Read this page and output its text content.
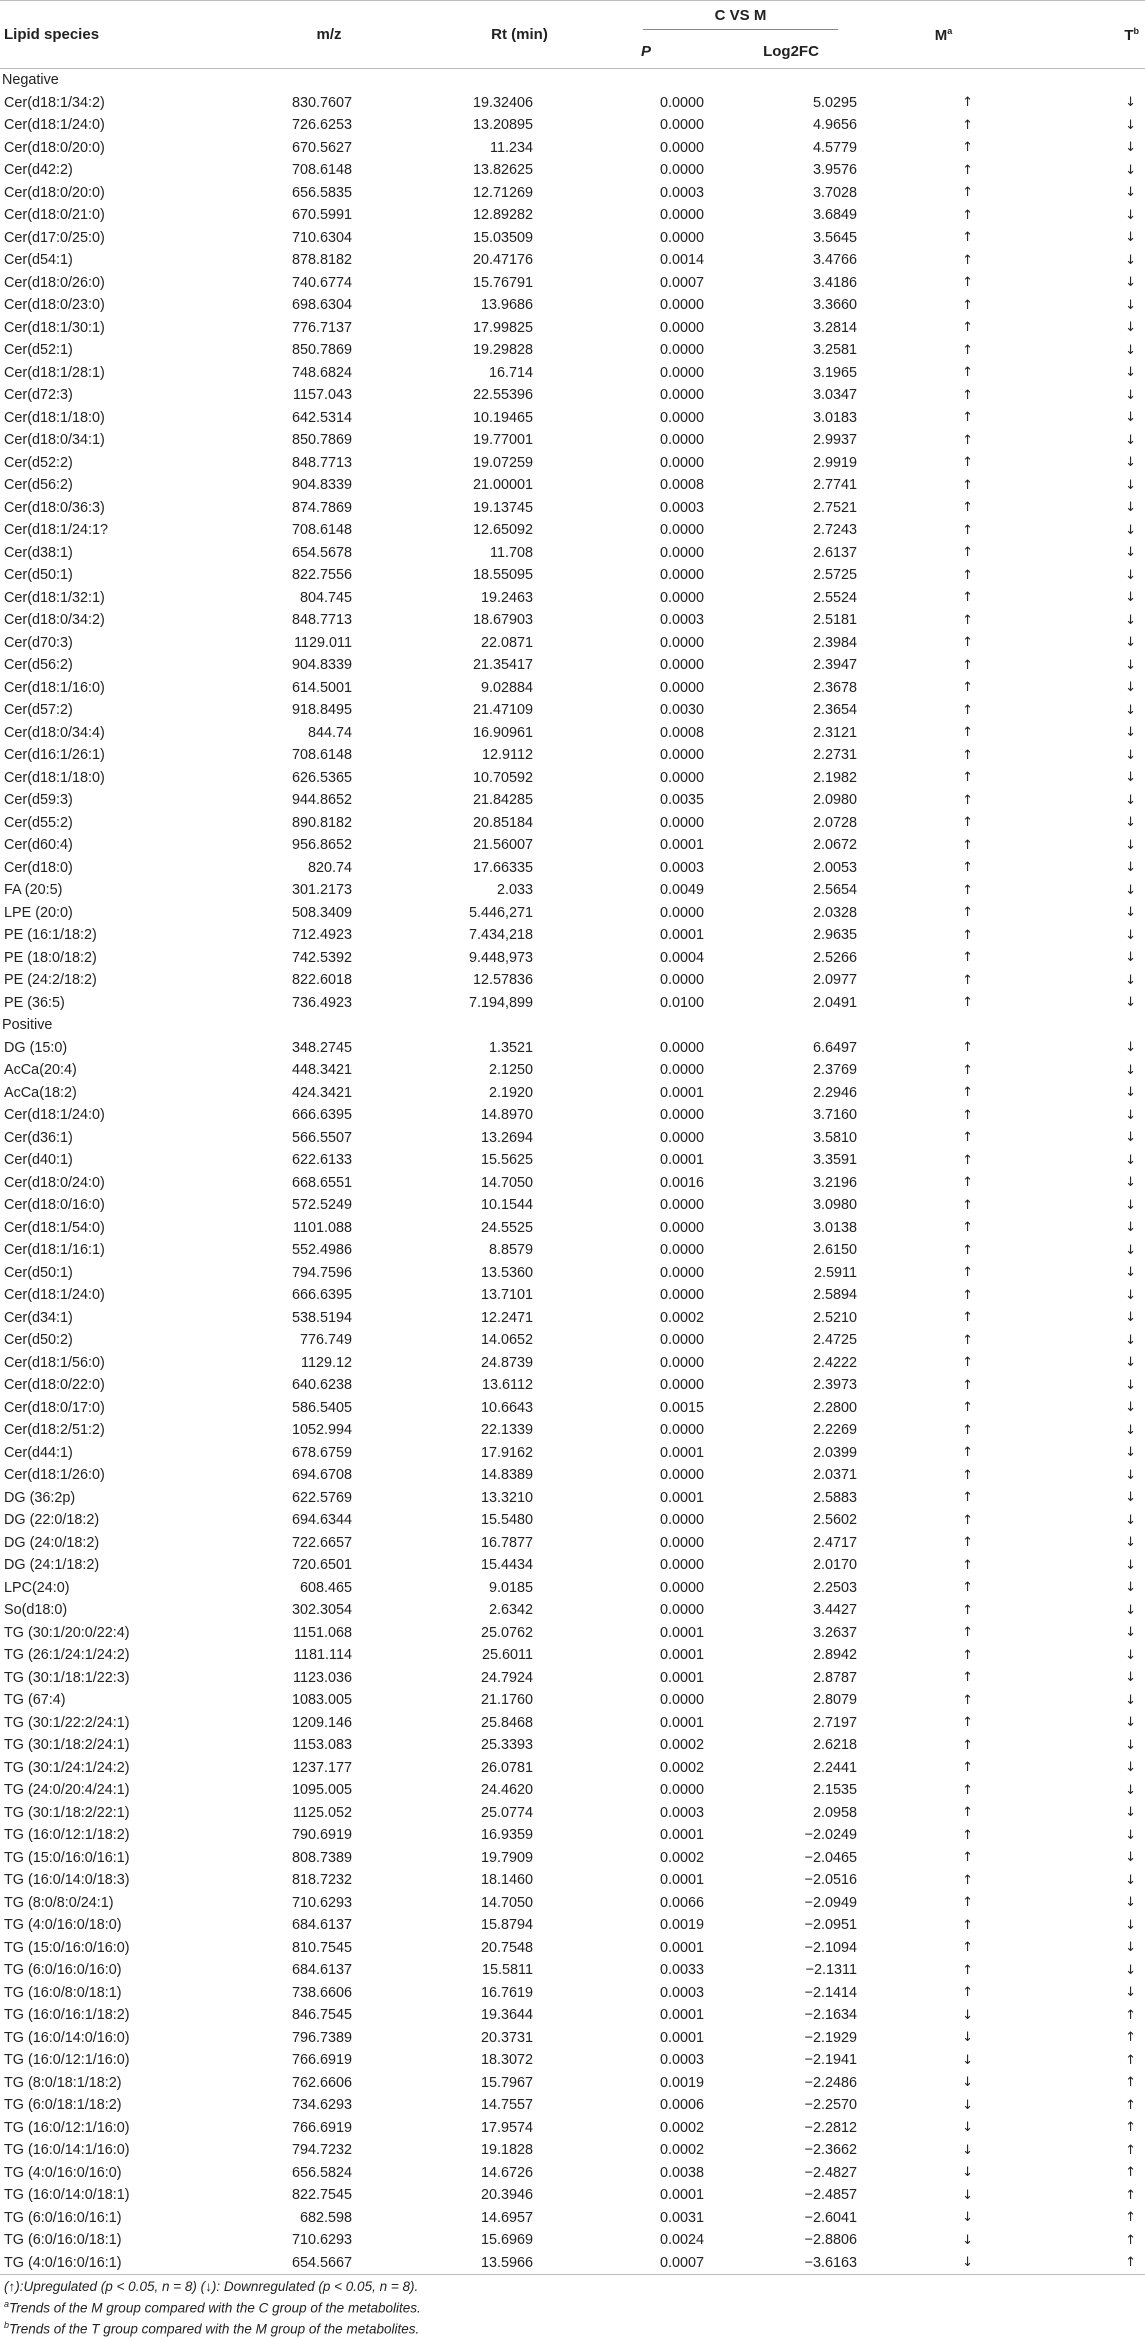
Lipid species	m/z	Rt (min)	C VS M		$M^a$	$T^b$
			P	Log2FC		
Negative						
Cer(d18:1/34:2)	830.7607	19.32406	0.0000	5.0295	↑	↓
Cer(d18:1/24:0)	726.6253	13.20895	0.0000	4.9656	↑	↓
Cer(d18:0/20:0)	670.5627	11.234	0.0000	4.5779	↑	↓
Cer(d42:2)	708.6148	13.82625	0.0000	3.9576	↑	↓
Cer(d18:0/20:0)	656.5835	12.71269	0.0003	3.7028	↑	↓
Cer(d18:0/21:0)	670.5991	12.89282	0.0000	3.6849	↑	↓
Cer(d17:0/25:0)	710.6304	15.03509	0.0000	3.5645	↑	↓
Cer(d54:1)	878.8182	20.47176	0.0014	3.4766	↑	↓
Cer(d18:0/26:0)	740.6774	15.76791	0.0007	3.4186	↑	↓
Cer(d18:0/23:0)	698.6304	13.9686	0.0000	3.3660	↑	↓
Cer(d18:1/30:1)	776.7137	17.99825	0.0000	3.2814	↑	↓
Cer(d52:1)	850.7869	19.29828	0.0000	3.2581	↑	↓
Cer(d18:1/28:1)	748.6824	16.714	0.0000	3.1965	↑	↓
Cer(d72:3)	1157.043	22.55396	0.0000	3.0347	↑	↓
Cer(d18:1/18:0)	642.5314	10.19465	0.0000	3.0183	↑	↓
Cer(d18:0/34:1)	850.7869	19.77001	0.0000	2.9937	↑	↓
Cer(d52:2)	848.7713	19.07259	0.0000	2.9919	↑	↓
Cer(d56:2)	904.8339	21.00001	0.0008	2.7741	↑	↓
Cer(d18:0/36:3)	874.7869	19.13745	0.0003	2.7521	↑	↓
Cer(d18:1/24:1?	708.6148	12.65092	0.0000	2.7243	↑	↓
Cer(d38:1)	654.5678	11.708	0.0000	2.6137	↑	↓
Cer(d50:1)	822.7556	18.55095	0.0000	2.5725	↑	↓
Cer(d18:1/32:1)	804.745	19.2463	0.0000	2.5524	↑	↓
Cer(d18:0/34:2)	848.7713	18.67903	0.0003	2.5181	↑	↓
Cer(d70:3)	1129.011	22.0871	0.0000	2.3984	↑	↓
Cer(d56:2)	904.8339	21.35417	0.0000	2.3947	↑	↓
Cer(d18:1/16:0)	614.5001	9.02884	0.0000	2.3678	↑	↓
Cer(d57:2)	918.8495	21.47109	0.0030	2.3654	↑	↓
Cer(d18:0/34:4)	844.74	16.90961	0.0008	2.3121	↑	↓
Cer(d16:1/26:1)	708.6148	12.9112	0.0000	2.2731	↑	↓
Cer(d18:1/18:0)	626.5365	10.70592	0.0000	2.1982	↑	↓
Cer(d59:3)	944.8652	21.84285	0.0035	2.0980	↑	↓
Cer(d55:2)	890.8182	20.85184	0.0000	2.0728	↑	↓
Cer(d60:4)	956.8652	21.56007	0.0001	2.0672	↑	↓
Cer(d18:0)	820.74	17.66335	0.0003	2.0053	↑	↓
FA (20:5)	301.2173	2.033	0.0049	2.5654	↑	↓
LPE (20:0)	508.3409	5.446,271	0.0000	2.0328	↑	↓
PE (16:1/18:2)	712.4923	7.434,218	0.0001	2.9635	↑	↓
PE (18:0/18:2)	742.5392	9.448,973	0.0004	2.5266	↑	↓
PE (24:2/18:2)	822.6018	12.57836	0.0000	2.0977	↑	↓
PE (36:5)	736.4923	7.194,899	0.0100	2.0491	↑	↓
Positive						
DG (15:0)	348.2745	1.3521	0.0000	6.6497	↑	↓
AcCa(20:4)	448.3421	2.1250	0.0000	2.3769	↑	↓
AcCa(18:2)	424.3421	2.1920	0.0001	2.2946	↑	↓
Cer(d18:1/24:0)	666.6395	14.8970	0.0000	3.7160	↑	↓
Cer(d36:1)	566.5507	13.2694	0.0000	3.5810	↑	↓
Cer(d40:1)	622.6133	15.5625	0.0001	3.3591	↑	↓
Cer(d18:0/24:0)	668.6551	14.7050	0.0016	3.2196	↑	↓
Cer(d18:0/16:0)	572.5249	10.1544	0.0000	3.0980	↑	↓
Cer(d18:1/54:0)	1101.088	24.5525	0.0000	3.0138	↑	↓
Cer(d18:1/16:1)	552.4986	8.8579	0.0000	2.6150	↑	↓
Cer(d50:1)	794.7596	13.5360	0.0000	2.5911	↑	↓
Cer(d18:1/24:0)	666.6395	13.7101	0.0000	2.5894	↑	↓
Cer(d34:1)	538.5194	12.2471	0.0002	2.5210	↑	↓
Cer(d50:2)	776.749	14.0652	0.0000	2.4725	↑	↓
Cer(d18:1/56:0)	1129.12	24.8739	0.0000	2.4222	↑	↓
Cer(d18:0/22:0)	640.6238	13.6112	0.0000	2.3973	↑	↓
Cer(d18:0/17:0)	586.5405	10.6643	0.0015	2.2800	↑	↓
Cer(d18:2/51:2)	1052.994	22.1339	0.0000	2.2269	↑	↓
Cer(d44:1)	678.6759	17.9162	0.0001	2.0399	↑	↓
Cer(d18:1/26:0)	694.6708	14.8389	0.0000	2.0371	↑	↓
DG (36:2p)	622.5769	13.3210	0.0001	2.5883	↑	↓
DG (22:0/18:2)	694.6344	15.5480	0.0000	2.5602	↑	↓
DG (24:0/18:2)	722.6657	16.7877	0.0000	2.4717	↑	↓
DG (24:1/18:2)	720.6501	15.4434	0.0000	2.0170	↑	↓
LPC(24:0)	608.465	9.0185	0.0000	2.2503	↑	↓
So(d18:0)	302.3054	2.6342	0.0000	3.4427	↑	↓
TG (30:1/20:0/22:4)	1151.068	25.0762	0.0001	3.2637	↑	↓
TG (26:1/24:1/24:2)	1181.114	25.6011	0.0001	2.8942	↑	↓
TG (30:1/18:1/22:3)	1123.036	24.7924	0.0001	2.8787	↑	↓
TG (67:4)	1083.005	21.1760	0.0000	2.8079	↑	↓
TG (30:1/22:2/24:1)	1209.146	25.8468	0.0001	2.7197	↑	↓
TG (30:1/18:2/24:1)	1153.083	25.3393	0.0002	2.6218	↑	↓
TG (30:1/24:1/24:2)	1237.177	26.0781	0.0002	2.2441	↑	↓
TG (24:0/20:4/24:1)	1095.005	24.4620	0.0000	2.1535	↑	↓
TG (30:1/18:2/22:1)	1125.052	25.0774	0.0003	2.0958	↑	↓
TG (16:0/12:1/18:2)	790.6919	16.9359	0.0001	−2.0249	↑	↓
TG (15:0/16:0/16:1)	808.7389	19.7909	0.0002	−2.0465	↑	↓
TG (16:0/14:0/18:3)	818.7232	18.1460	0.0001	−2.0516	↑	↓
TG (8:0/8:0/24:1)	710.6293	14.7050	0.0066	−2.0949	↑	↓
TG (4:0/16:0/18:0)	684.6137	15.8794	0.0019	−2.0951	↑	↓
TG (15:0/16:0/16:0)	810.7545	20.7548	0.0001	−2.1094	↑	↓
TG (6:0/16:0/16:0)	684.6137	15.5811	0.0033	−2.1311	↑	↓
TG (16:0/8:0/18:1)	738.6606	16.7619	0.0003	−2.1414	↑	↓
TG (16:0/16:1/18:2)	846.7545	19.3644	0.0001	−2.1634	↓	↑
TG (16:0/14:0/16:0)	796.7389	20.3731	0.0001	−2.1929	↓	↑
TG (16:0/12:1/16:0)	766.6919	18.3072	0.0003	−2.1941	↓	↑
TG (8:0/18:1/18:2)	762.6606	15.7967	0.0019	−2.2486	↓	↑
TG (6:0/18:1/18:2)	734.6293	14.7557	0.0006	−2.2570	↓	↑
TG (16:0/12:1/16:0)	766.6919	17.9574	0.0002	−2.2812	↓	↑
TG (16:0/14:1/16:0)	794.7232	19.1828	0.0002	−2.3662	↓	↑
TG (4:0/16:0/16:0)	656.5824	14.6726	0.0038	−2.4827	↓	↑
TG (16:0/14:0/18:1)	822.7545	20.3946	0.0001	−2.4857	↓	↑
TG (6:0/16:0/16:1)	682.598	14.6957	0.0031	−2.6041	↓	↑
TG (6:0/16:0/18:1)	710.6293	15.6969	0.0024	−2.8806	↓	↑
TG (4:0/16:0/16:1)	654.5667	13.5966	0.0007	−3.6163	↓	↑
(↑):Upregulated (p < 0.05, n = 8) (↓): Downregulated (p < 0.05, n = 8).
$^a$Trends of the M group compared with the C group of the metabolites.
$^b$Trends of the T group compared with the M group of the metabolites.
